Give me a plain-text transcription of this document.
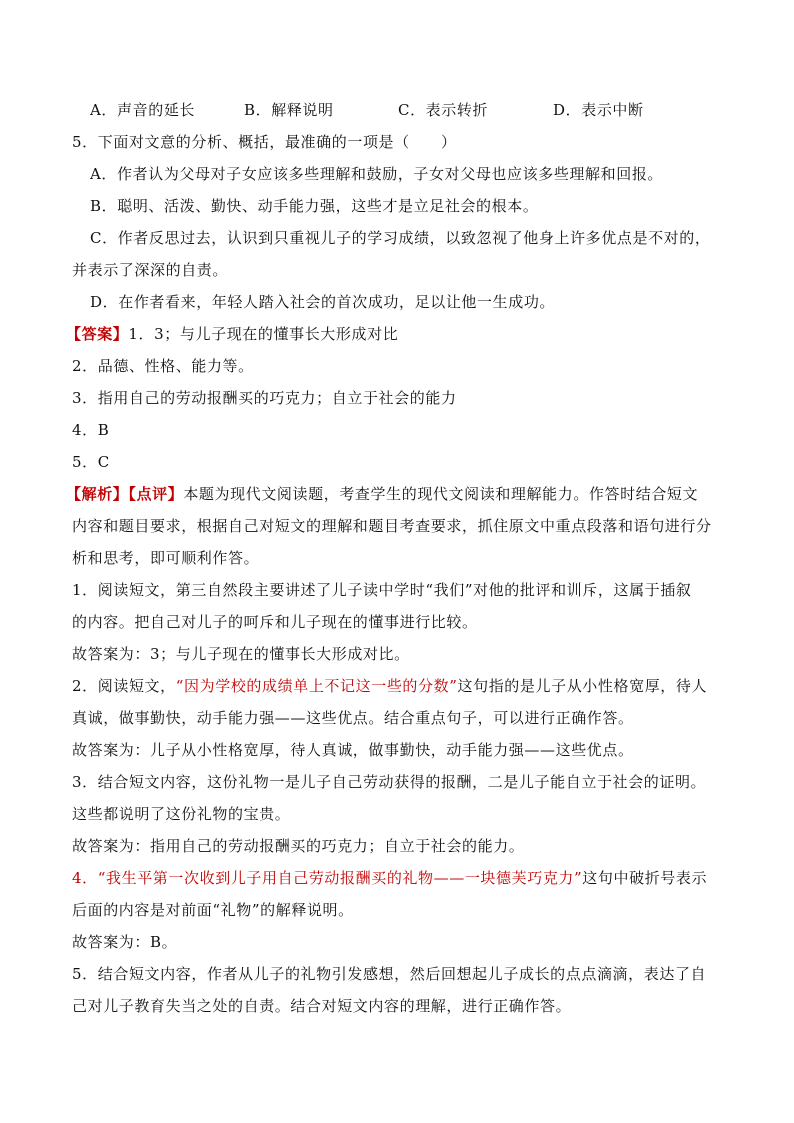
A．声音的延长	B．解释说明	C．表示转折	D．表示中断
5．下面对文意的分析、概括，最准确的一项是（　　）
A．作者认为父母对子女应该多些理解和鼓励，子女对父母也应该多些理解和回报。
B．聪明、活泼、勤快、动手能力强，这些才是立足社会的根本。
C．作者反思过去，认识到只重视儿子的学习成绩，以致忽视了他身上许多优点是不对的，
并表示了深深的自责。
D．在作者看来，年轻人踏入社会的首次成功，足以让他一生成功。
【答案】1．3；与儿子现在的懂事长大形成对比
2．品德、性格、能力等。
3．指用自己的劳动报酬买的巧克力；自立于社会的能力
4．B
5．C
【解析】【点评】本题为现代文阅读题，考查学生的现代文阅读和理解能力。作答时结合短文
内容和题目要求，根据自己对短文的理解和题目考查要求，抓住原文中重点段落和语句进行分
析和思考，即可顺利作答。
1．阅读短文，第三自然段主要讲述了儿子读中学时“我们”对他的批评和训斥，这属于插叙
的内容。把自己对儿子的呵斥和儿子现在的懂事进行比较。
故答案为：3；与儿子现在的懂事长大形成对比。
2．阅读短文，“因为学校的成绩单上不记这一些的分数”这句指的是儿子从小性格宽厚，待人
真诚，做事勤快，动手能力强——这些优点。结合重点句子，可以进行正确作答。
故答案为：儿子从小性格宽厚，待人真诚，做事勤快，动手能力强——这些优点。
3．结合短文内容，这份礼物一是儿子自己劳动获得的报酬，二是儿子能自立于社会的证明。
这些都说明了这份礼物的宝贵。
故答案为：指用自己的劳动报酬买的巧克力；自立于社会的能力。
4．“我生平第一次收到儿子用自己劳动报酬买的礼物——一块德芙巧克力”这句中破折号表示
后面的内容是对前面“礼物”的解释说明。
故答案为：B。
5．结合短文内容，作者从儿子的礼物引发感想，然后回想起儿子成长的点点滴滴，表达了自
己对儿子教育失当之处的自责。结合对短文内容的理解，进行正确作答。
